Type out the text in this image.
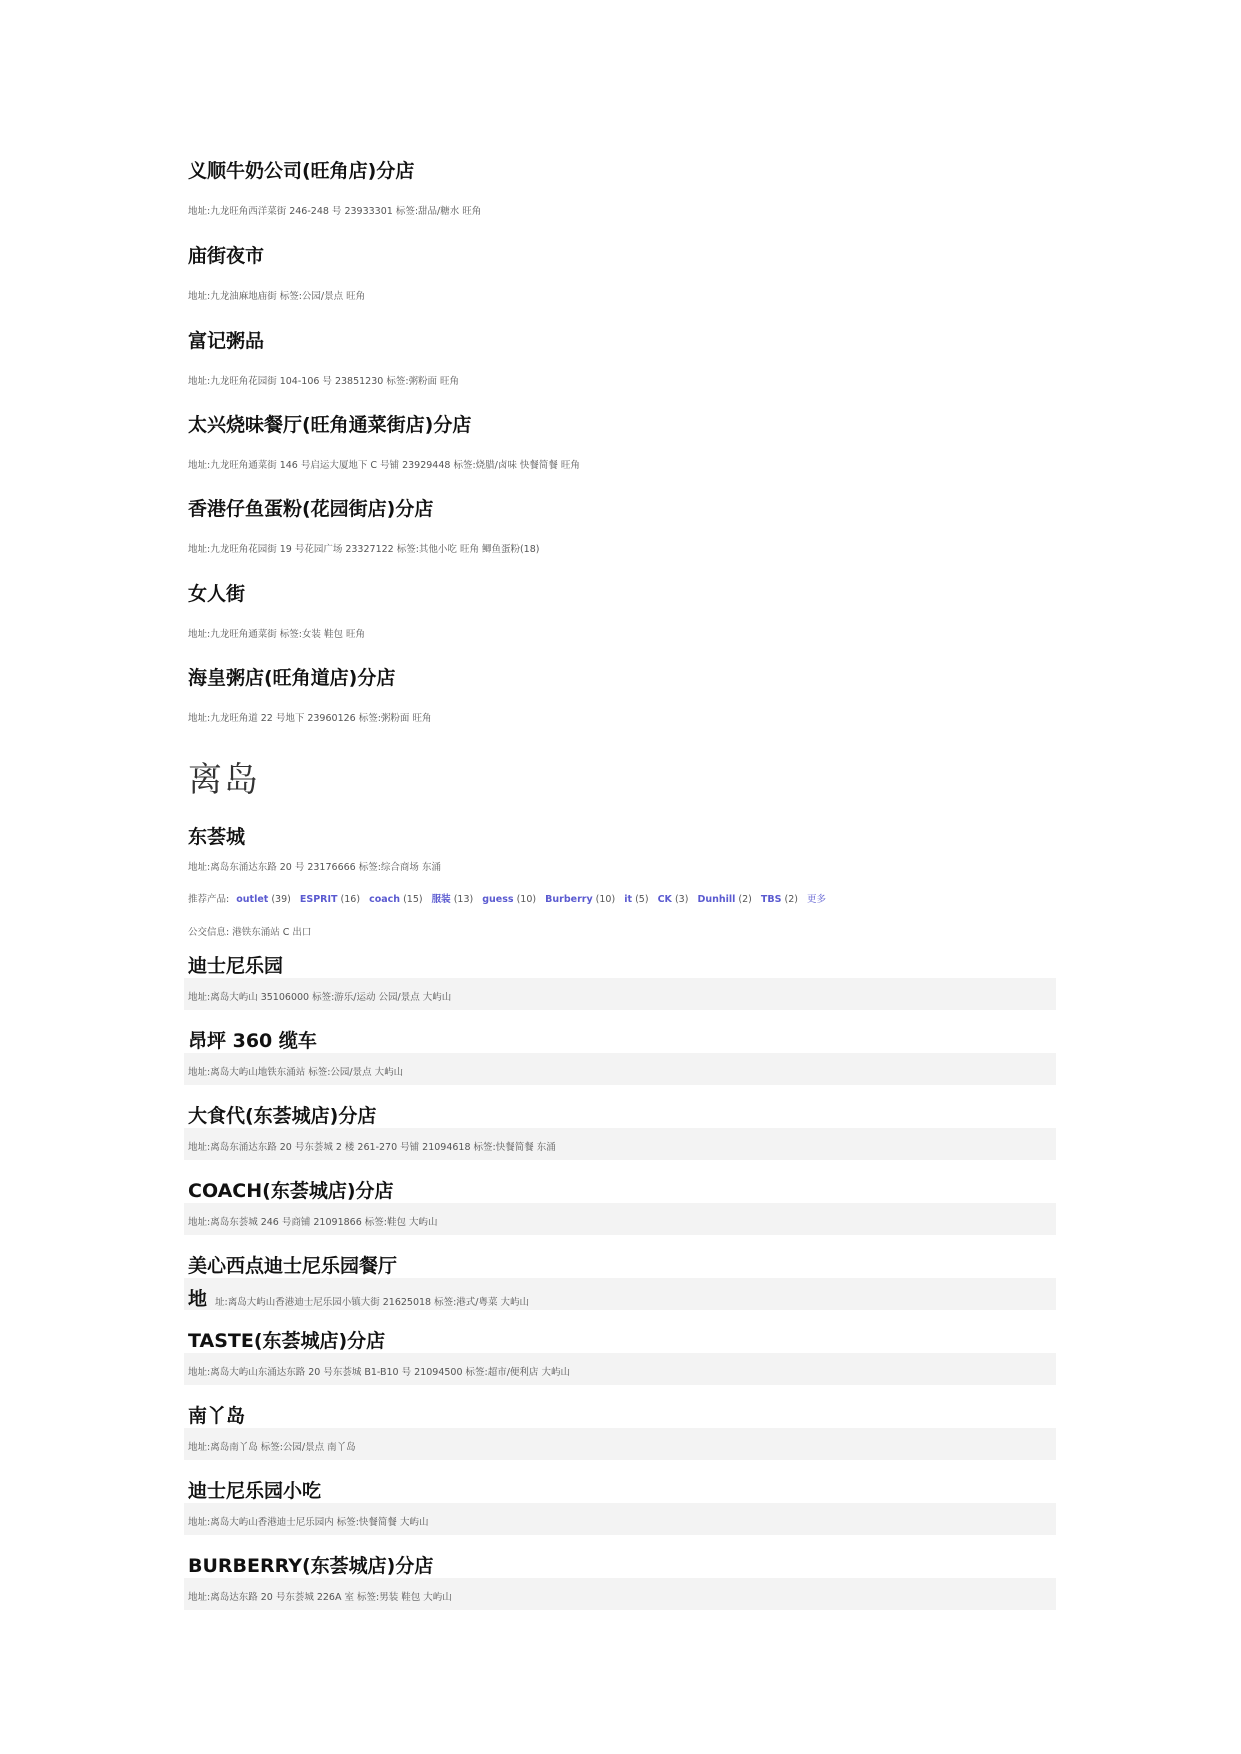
义顺牛奶公司(旺角店)分店
地址:九龙旺角西洋菜街 246-248 号 23933301 标签:甜品/糖水 旺角
庙街夜市
地址:九龙油麻地庙街 标签:公园/景点 旺角
富记粥品
地址:九龙旺角花园街 104-106 号 23851230 标签:粥粉面 旺角
太兴烧味餐厅(旺角通菜街店)分店
地址:九龙旺角通菜街 146 号启运大厦地下 C 号铺 23929448 标签:烧腊/卤味 快餐简餐 旺角
香港仔鱼蛋粉(花园街店)分店
地址:九龙旺角花园街 19 号花园广场 23327122 标签:其他小吃 旺角 鲫鱼蛋粉(18)
女人街
地址:九龙旺角通菜街 标签:女装 鞋包 旺角
海皇粥店(旺角道店)分店
地址:九龙旺角道 22 号地下 23960126 标签:粥粉面 旺角
离岛
东荟城
地址:离岛东涌达东路 20 号 23176666 标签:综合商场 东涌
推荐产品: outlet (39) ESPRIT (16) coach (15) 服装 (13) guess (10) Burberry (10) it (5) CK (3) Dunhill (2) TBS (2) 更多
公交信息: 港铁东涌站 C 出口
迪士尼乐园
地址:离岛大屿山 35106000 标签:游乐/运动 公园/景点 大屿山
昂坪 360 缆车
地址:离岛大屿山地铁东涌站 标签:公园/景点 大屿山
大食代(东荟城店)分店
地址:离岛东涌达东路 20 号东荟城 2 楼 261-270 号铺 21094618 标签:快餐简餐 东涌
COACH(东荟城店)分店
地址:离岛东荟城 246 号商铺 21091866 标签:鞋包 大屿山
美心西点迪士尼乐园餐厅
地址:离岛大屿山香港迪士尼乐园小镇大街 21625018 标签:港式/粤菜 大屿山
TASTE(东荟城店)分店
地址:离岛大屿山东涌达东路 20 号东荟城 B1-B10 号 21094500 标签:超市/便利店 大屿山
南丫岛
地址:离岛南丫岛 标签:公园/景点 南丫岛
迪士尼乐园小吃
地址:离岛大屿山香港迪士尼乐园内 标签:快餐简餐 大屿山
BURBERRY(东荟城店)分店
地址:离岛达东路 20 号东荟城 226A 室 标签:男装 鞋包 大屿山
